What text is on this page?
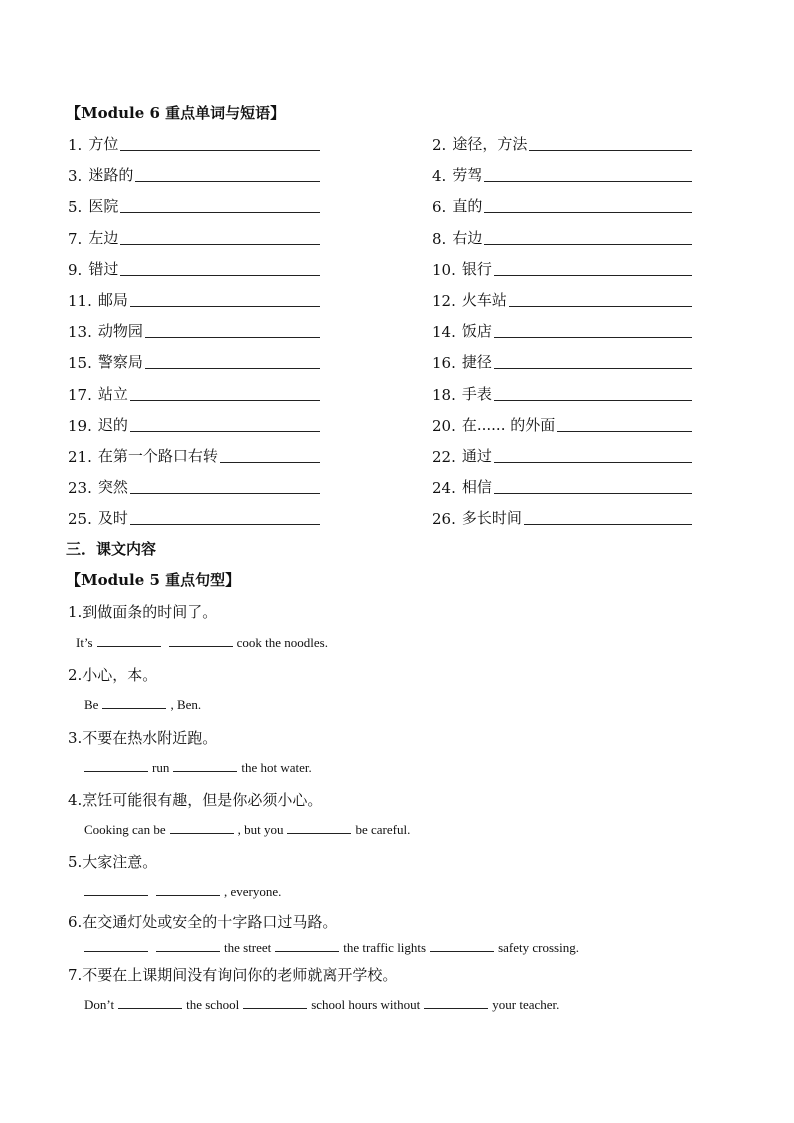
【Module 6 重点单词与短语】
1. 方位	2. 途径，方法
3. 迷路的	4. 劳驾
5. 医院	6. 直的
7. 左边	8. 右边
9. 错过	10. 银行
11. 邮局	12. 火车站
13. 动物园	14. 饭店
15. 警察局	16. 捷径
17. 站立	18. 手表
19. 迟的	20. 在...... 的外面
21. 在第一个路口右转	22. 通过
23. 突然	24. 相信
25. 及时	26. 多长时间
三．课文内容
【Module 5 重点句型】
1.到做面条的时间了。
It’s	cook the noodles.
2.小心，本。
Be	, Ben.
3.不要在热水附近跑。
run	the hot water.
4.烹饪可能很有趣，但是你必须小心。
Cooking can be	, but you	be careful.
5.大家注意。
, everyone.
6.在交通灯处或安全的十字路口过马路。
the street	the traffic lights	safety crossing.
7.不要在上课期间没有询问你的老师就离开学校。
Don’t	the school	school hours without	your teacher.
